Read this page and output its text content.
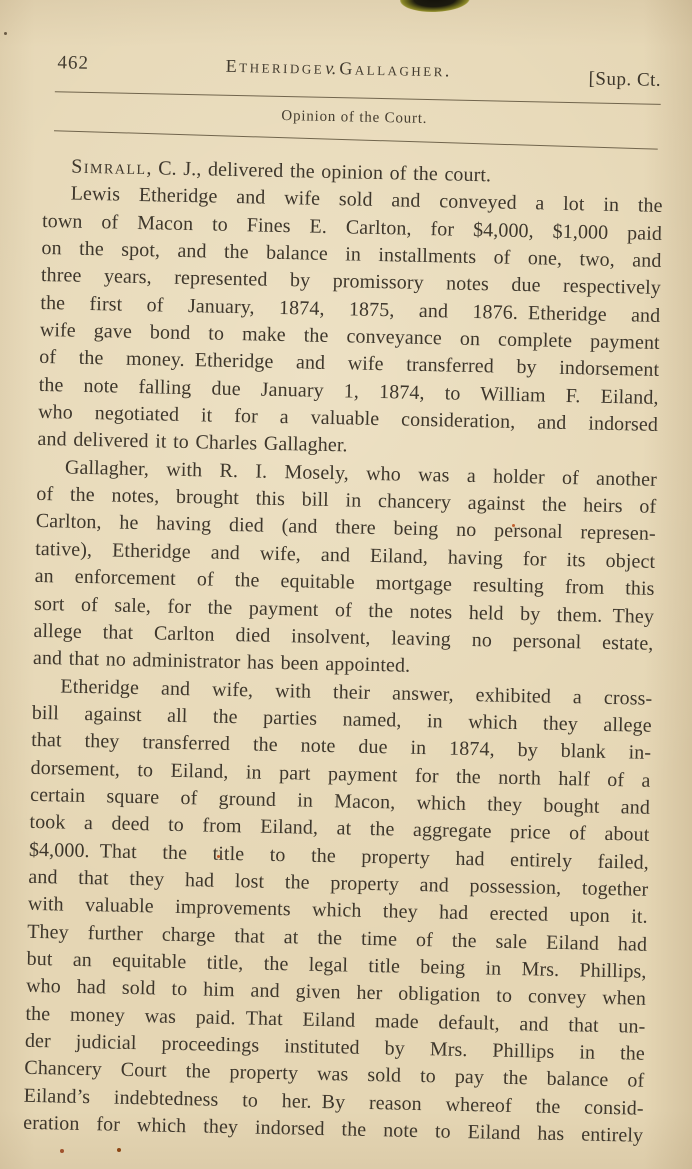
462	Etheridgev. Gallagher.	[Sup. Ct.
Opinion of the Court.
Simrall, C. J., delivered the opinion of the court.
Lewis Etheridge and wife sold and conveyed a lot in the
town of Macon to Fines E. Carlton, for $4,000, $1,000 paid
on the spot, and the balance in installments of one, two, and
three years, represented by promissory notes due respectively
the first of January, 1874, 1875, and 1876. Etheridge and
wife gave bond to make the conveyance on complete payment
of the money. Etheridge and wife transferred by indorsement
the note falling due January 1, 1874, to William F. Eiland,
who negotiated it for a valuable consideration, and indorsed
and delivered it to Charles Gallagher.
Gallagher, with R. I. Mosely, who was a holder of another
of the notes, brought this bill in chancery against the heirs of
Carlton, he having died (and there being no personal represen-
tative), Etheridge and wife, and Eiland, having for its object
an enforcement of the equitable mortgage resulting from this
sort of sale, for the payment of the notes held by them. They
allege that Carlton died insolvent, leaving no personal estate,
and that no administrator has been appointed.
Etheridge and wife, with their answer, exhibited a cross-
bill against all the parties named, in which they allege
that they transferred the note due in 1874, by blank in-
dorsement, to Eiland, in part payment for the north half of a
certain square of ground in Macon, which they bought and
took a deed to from Eiland, at the aggregate price of about
$4,000. That the title to the property had entirely failed,
and that they had lost the property and possession, together
with valuable improvements which they had erected upon it.
They further charge that at the time of the sale Eiland had
but an equitable title, the legal title being in Mrs. Phillips,
who had sold to him and given her obligation to convey when
the money was paid. That Eiland made default, and that un-
der judicial proceedings instituted by Mrs. Phillips in the
Chancery Court the property was sold to pay the balance of
Eiland’s indebtedness to her. By reason whereof the consid-
eration for which they indorsed the note to Eiland has entirely
